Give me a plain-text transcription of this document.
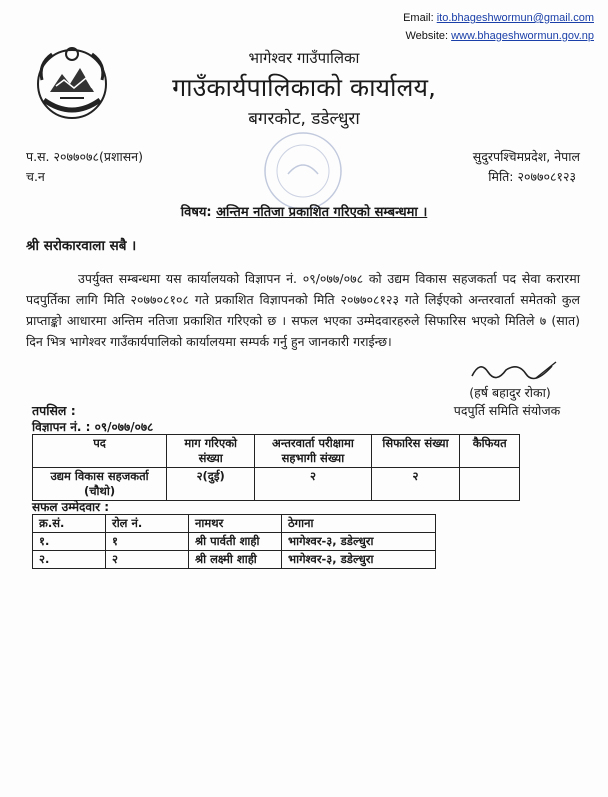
Email: ito.bhageshwormun@gmail.com
Website: www.bhageshwormun.gov.np
भागेश्वर गाउँपालिका
गाउँकार्यपालिकाको कार्यालय,
बगरकोट, डडेल्धुरा
प.स. २०७७०७८(प्रशासन)
च.न
सुदुरपश्चिमप्रदेश, नेपाल
मिति: २०७७०८१२३
विषय: अन्तिम नतिजा प्रकाशित गरिएको सम्बन्धमा ।
श्री सरोकारवाला सबै ।
उपर्युक्त सम्बन्धमा यस कार्यालयको विज्ञापन नं. ०९/०७७/०७८ को उद्यम विकास सहजकर्ता पद सेवा करारमा पदपुर्तिका लागि मिति २०७७०८१०८ गते प्रकाशित विज्ञापनको मिति २०७७०८१२३ गते लिईएको अन्तरवार्ता समेतको कुल प्राप्ताङ्को आधारमा अन्तिम नतिजा प्रकाशित गरिएको छ । सफल भएका उम्मेदवारहरुले सिफारिस भएको मितिले ७ (सात) दिन भित्र भागेश्वर गाउँकार्यपालिको कार्यालयमा सम्पर्क गर्नु हुन जानकारी गराईन्छ।
(हर्ष बहादुर रोका)
पदपुर्ति समिति संयोजक
तपसिल :
विज्ञापन नं. : ०९/०७७/०७८
पद	माग गरिएको संख्या	अन्तरवार्ता परीक्षामा सहभागी संख्या	सिफारिस संख्या	कैफियत
उद्यम विकास सहजकर्ता (चौथो)	२(दुई)	२	२	
सफल उम्मेदवार :
क्र.सं.	रोल नं.	नामथर	ठेगाना
१.	१	श्री पार्वती शाही	भागेश्वर-३, डडेल्धुरा
२.	२	श्री लक्ष्मी शाही	भागेश्वर-३, डडेल्धुरा
